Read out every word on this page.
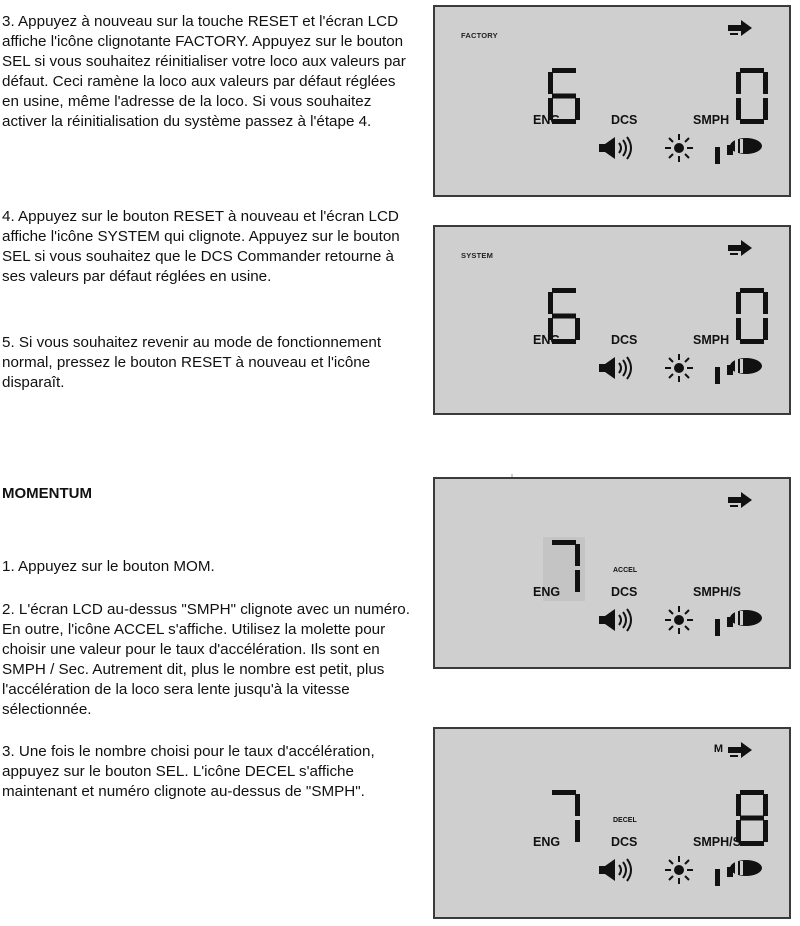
3. Appuyez à nouveau sur la touche RESET et l'écran LCD affiche l'icône clignotante FACTORY. Appuyez sur le bouton SEL si vous souhaitez réinitialiser votre loco aux valeurs par défaut. Ceci ramène la loco aux valeurs par défaut réglées en usine, même l'adresse de la loco. Si vous souhaitez activer la réinitialisation du système passez à l'étape 4.

4. Appuyez sur le bouton RESET à nouveau et l'écran LCD affiche l'icône SYSTEM qui clignote. Appuyez sur le bouton SEL si vous souhaitez que le DCS Commander retourne à ses valeurs par défaut réglées en usine.

5. Si vous souhaitez revenir au mode de fonctionnement normal, pressez le bouton RESET à nouveau et l'icône disparaît.

MOMENTUM

1. Appuyez sur le bouton MOM.

2. L'écran LCD au-dessus "SMPH" clignote avec un numéro. En outre, l'icône ACCEL s'affiche. Utilisez la molette pour choisir une valeur pour le taux d'accélération. Ils sont en SMPH / Sec. Autrement dit, plus le nombre est petit, plus l'accélération de la loco sera lente jusqu'à la vitesse sélectionnée.

3. Une fois le nombre choisi pour le taux d'accélération, appuyez sur le bouton SEL. L'icône DECEL s'affiche maintenant et numéro clignote au-dessus de "SMPH".

FACTORY
ENG	DCS	SMPH
SYSTEM
ENG	DCS	SMPH
ACCEL
ENG	DCS	SMPH/S
M
DECEL
ENG	DCS	SMPH/S
